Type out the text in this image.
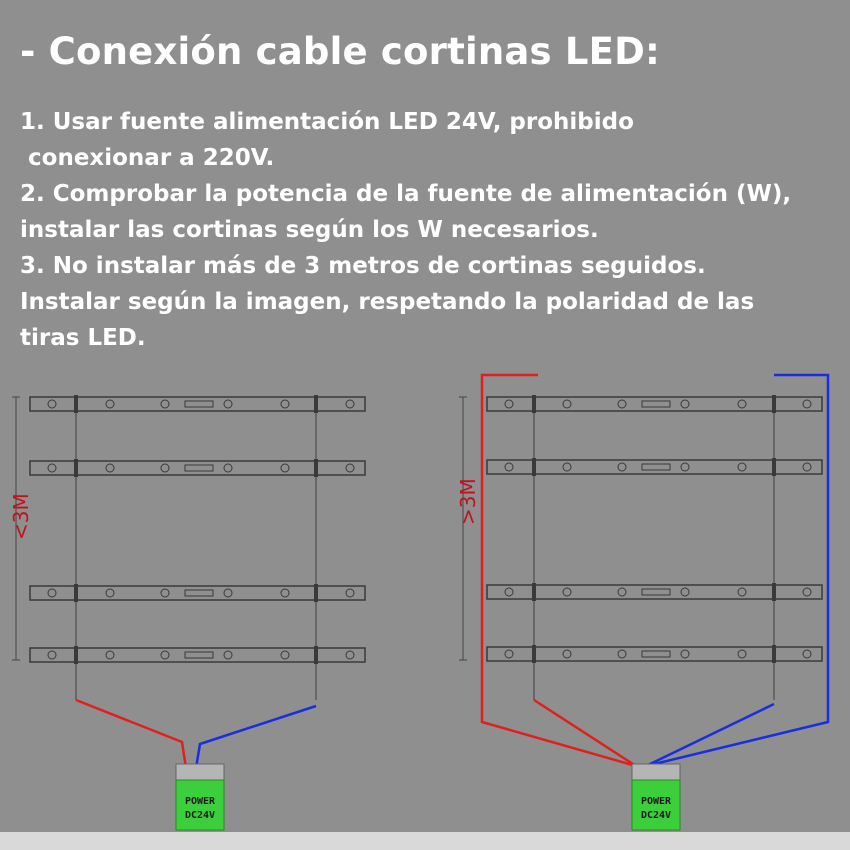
- Conexión cable cortinas LED:
1. Usar fuente alimentación LED 24V, prohibido
conexionar a 220V.
2. Comprobar la potencia de la fuente de alimentación (W),
instalar las cortinas según los W necesarios.
3. No instalar más de 3 metros de cortinas seguidos.
Instalar según la imagen, respetando la polaridad de las
tiras LED.
<3M
POWER
DC24V
>3M
POWER
DC24V
